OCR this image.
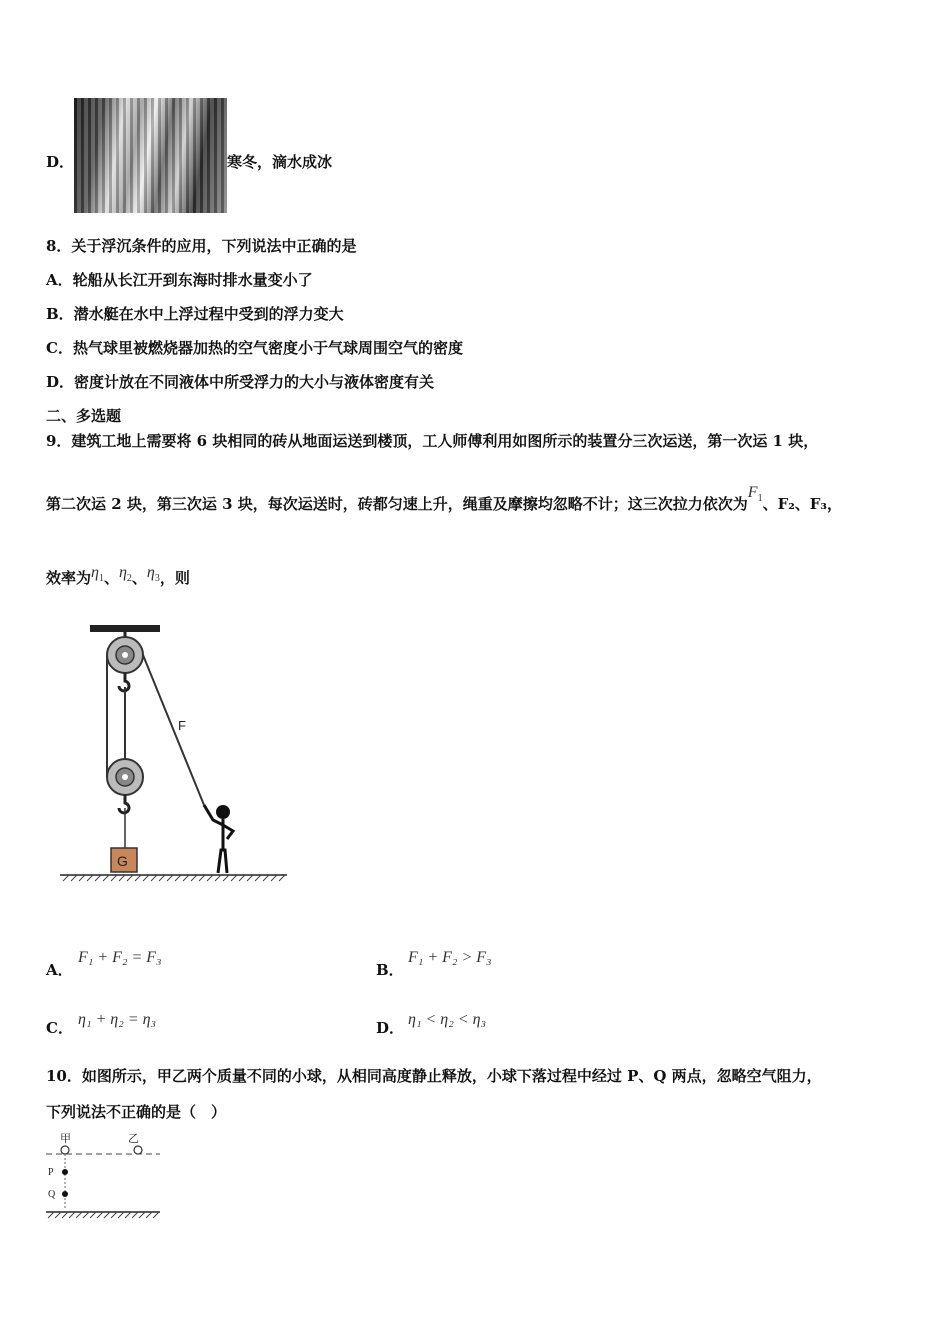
D．	寒冬，滴水成冰
8．关于浮沉条件的应用，下列说法中正确的是
A．轮船从长江开到东海时排水量变小了
B．潜水艇在水中上浮过程中受到的浮力变大
C．热气球里被燃烧器加热的空气密度小于气球周围空气的密度
D．密度计放在不同液体中所受浮力的大小与液体密度有关
二、多选题
9．建筑工地上需要将 6 块相同的砖从地面运送到楼顶，工人师傅利用如图所示的装置分三次运送，第一次运 1 块，
第二次运 2 块，第三次运 3 块，每次运送时，砖都匀速上升，绳重及摩擦均忽略不计；这三次拉力依次为$F_1$、F₂、F₃，
效率为$\eta_1$、$\eta_2$、$\eta_3$，则
G
F
A．
F₁ + F₂ = F₃
B．
F₁ + F₂ > F₃
C． η₁ + η₂ = η₃	D． η₁ < η₂ < η₃
10．如图所示，甲乙两个质量不同的小球，从相同高度静止释放，小球下落过程中经过 P、Q 两点，忽略空气阻力，
下列说法不正确的是（　）
甲	乙
P
Q
